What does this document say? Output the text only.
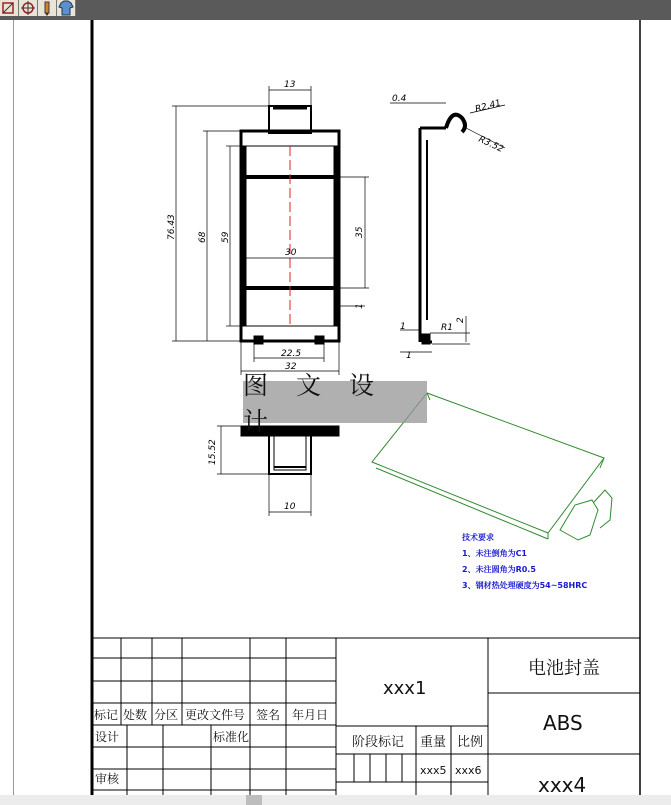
13
76.43 68 59
30
35
1
22.5
32
0.4	R2.41
R3.52
1	R1
2
1
15.52
10
图 文 设 计
技术要求
1、未注倒角为C1
2、未注圆角为R0.5
3、钢材热处理硬度为54~58HRC
标记 处数 分区 更改文件号 签名 年月日
设计	标准化
审核
xxx1
电池封盖
ABS
阶段标记 重量 比例
xxx5 xxx6
xxx4
